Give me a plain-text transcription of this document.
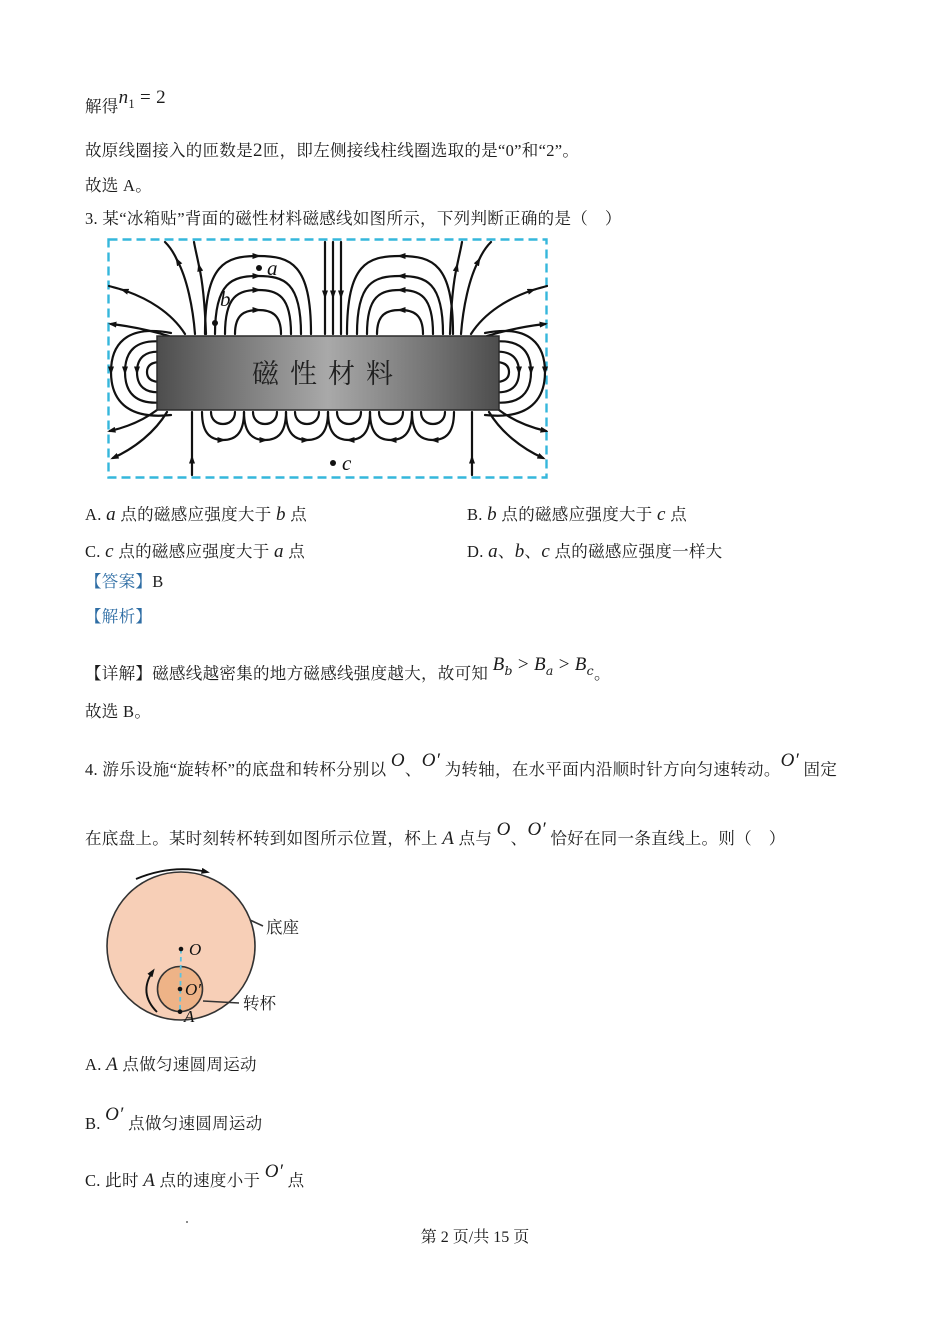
解得$n^1 = 2$
故原线圈接入的匝数是2匝，即左侧接线柱线圈选取的是“0”和“2”。
故选 A。
3. 某“冰箱贴”背面的磁性材料磁感线如图所示，下列判断正确的是（　）
磁性材料
a
b
c
A. a 点的磁感应强度大于 b 点	B. b 点的磁感应强度大于 c 点
C. c 点的磁感应强度大于 a 点	D. a、b、c 点的磁感应强度一样大
【答案】B
【解析】
【详解】磁感线越密集的地方磁感线强度越大，故可知 $B^b > B^a > B^c$。
故选 B。
4. 游乐设施“旋转杯”的底盘和转杯分别以 O、O′ 为转轴，在水平面内沿顺时针方向匀速转动。O′ 固定
在底盘上。某时刻转杯转到如图所示位置，杯上 A 点与 O、O′ 恰好在同一条直线上。则（　）
底座
转杯
O
O′
A
A. A 点做匀速圆周运动
B. O′ 点做匀速圆周运动
C. 此时 A 点的速度小于 O′ 点
第 2 页/共 15 页
